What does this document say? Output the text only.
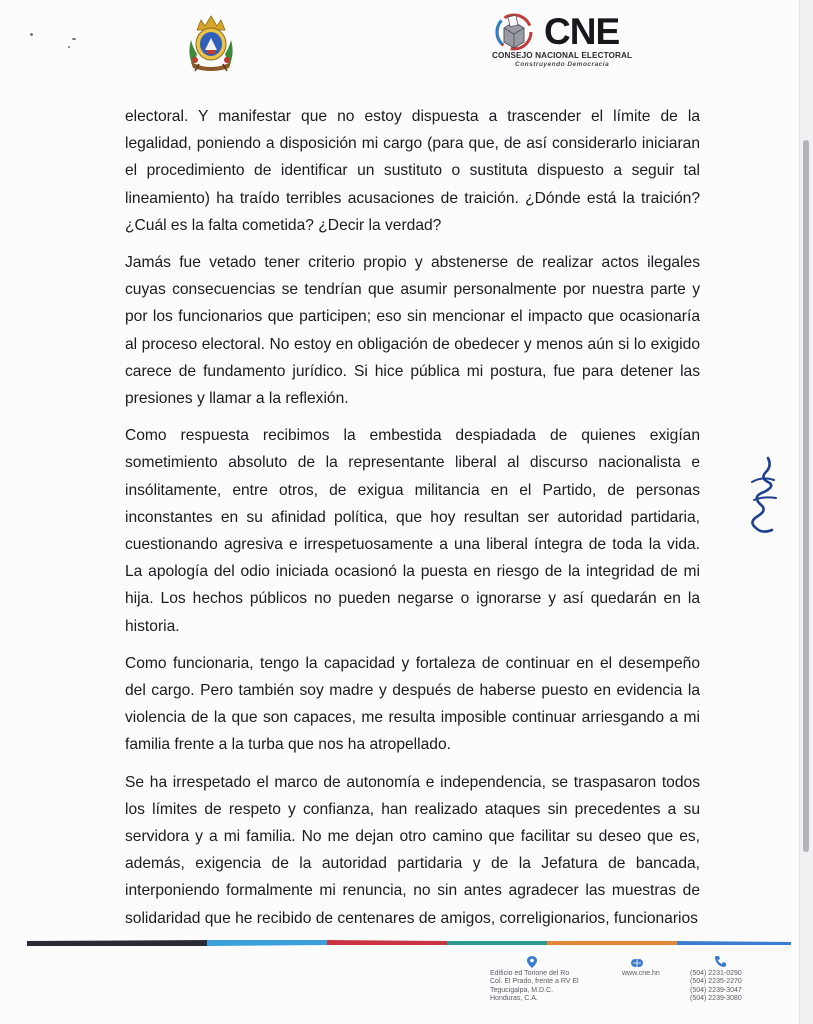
CNE
CONSEJO NACIONAL ELECTORAL
Construyendo Democracia

electoral. Y manifestar que no estoy dispuesta a trascender el límite de la legalidad, poniendo a disposición mi cargo (para que, de así considerarlo iniciaran el procedimiento de identificar un sustituto o sustituta dispuesto a seguir tal lineamiento) ha traído terribles acusaciones de traición. ¿Dónde está la traición? ¿Cuál es la falta cometida? ¿Decir la verdad?

Jamás fue vetado tener criterio propio y abstenerse de realizar actos ilegales cuyas consecuencias se tendrían que asumir personalmente por nuestra parte y por los funcionarios que participen; eso sin mencionar el impacto que ocasionaría al proceso electoral. No estoy en obligación de obedecer y menos aún si lo exigido carece de fundamento jurídico. Si hice pública mi postura, fue para detener las presiones y llamar a la reflexión.

Como respuesta recibimos la embestida despiadada de quienes exigían sometimiento absoluto de la representante liberal al discurso nacionalista e insólitamente, entre otros, de exigua militancia en el Partido, de personas inconstantes en su afinidad política, que hoy resultan ser autoridad partidaria, cuestionando agresiva e irrespetuosamente a una liberal íntegra de toda la vida. La apología del odio iniciada ocasionó la puesta en riesgo de la integridad de mi hija. Los hechos públicos no pueden negarse o ignorarse y así quedarán en la historia.

Como funcionaria, tengo la capacidad y fortaleza de continuar en el desempeño del cargo. Pero también soy madre y después de haberse puesto en evidencia la violencia de la que son capaces, me resulta imposible continuar arriesgando a mi familia frente a la turba que nos ha atropellado.

Se ha irrespetado el marco de autonomía e independencia, se traspasaron todos los límites de respeto y confianza, han realizado ataques sin precedentes a su servidora y a mi familia. No me dejan otro camino que facilitar su deseo que es, además, exigencia de la autoridad partidaria y de la Jefatura de bancada, interponiendo formalmente mi renuncia, no sin antes agradecer las muestras de solidaridad que he recibido de centenares de amigos, correligionarios, funcionarios

Edificio ed Torione del Ro
Col. El Prado, frente a RV El
Tegucigalpa, M.D.C.
Honduras, C.A.
www.cne.hn	(504) 2231-0290
(504) 2235-2270
(504) 2239-3047
(504) 2239-3080
